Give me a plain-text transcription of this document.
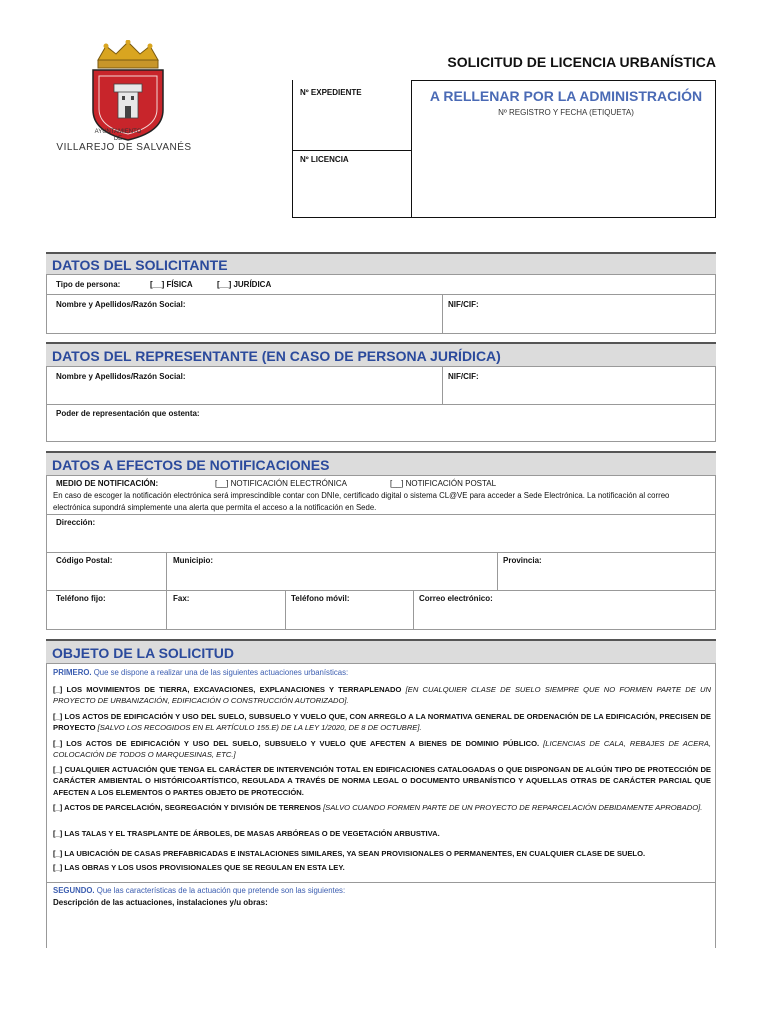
AYUNTAMIENTO
DE
VILLAREJO DE SALVANÉS
SOLICITUD DE LICENCIA URBANÍSTICA
Nº EXPEDIENTE
Nº LICENCIA
A RELLENAR POR LA ADMINISTRACIÓN
Nº REGISTRO Y FECHA (ETIQUETA)
DATOS DEL SOLICITANTE
Tipo de persona:	[__] FÍSICA	[__] JURÍDICA
Nombre y Apellidos/Razón Social:	NIF/CIF:
DATOS DEL REPRESENTANTE (EN CASO DE PERSONA JURÍDICA)
Nombre y Apellidos/Razón Social:	NIF/CIF:
Poder de representación que ostenta:
DATOS A EFECTOS DE NOTIFICACIONES
MEDIO DE NOTIFICACIÓN:	[__] NOTIFICACIÓN ELECTRÓNICA	[__] NOTIFICACIÓN POSTAL
En caso de escoger la notificación electrónica será imprescindible contar con DNIe, certificado digital o sistema CL@VE para acceder a Sede Electrónica. La notificación al correo electrónica supondrá simplemente una alerta que permita el acceso a la notificación en Sede.
Dirección:
Código Postal:	Municipio:	Provincia:
Teléfono fijo:	Fax:	Teléfono móvil:	Correo electrónico:
OBJETO DE LA SOLICITUD
PRIMERO. Que se dispone a realizar una de las siguientes actuaciones urbanísticas:
[_] LOS MOVIMIENTOS DE TIERRA, EXCAVACIONES, EXPLANACIONES Y TERRAPLENADO [EN CUALQUIER CLASE DE SUELO SIEMPRE QUE NO FORMEN PARTE DE UN PROYECTO DE URBANIZACIÓN, EDIFICACIÓN O CONSTRUCCIÓN AUTORIZADO].
[_] LOS ACTOS DE EDIFICACIÓN Y USO DEL SUELO, SUBSUELO Y VUELO QUE, CON ARREGLO A LA NORMATIVA GENERAL DE ORDENACIÓN DE LA EDIFICACIÓN, PRECISEN DE PROYECTO [SALVO LOS RECOGIDOS EN EL ARTÍCULO 155.E) DE LA LEY 1/2020, DE 8 DE OCTUBRE].
[_] LOS ACTOS DE EDIFICACIÓN Y USO DEL SUELO, SUBSUELO Y VUELO QUE AFECTEN A BIENES DE DOMINIO PÚBLICO. [LICENCIAS DE CALA, REBAJES DE ACERA, COLOCACIÓN DE TODOS O MARQUESINAS, ETC.]
[_] CUALQUIER ACTUACIÓN QUE TENGA EL CARÁCTER DE INTERVENCIÓN TOTAL EN EDIFICACIONES CATALOGADAS O QUE DISPONGAN DE ALGÚN TIPO DE PROTECCIÓN DE CARÁCTER AMBIENTAL O HISTÓRICOARTÍSTICO, REGULADA A TRAVÉS DE NORMA LEGAL O DOCUMENTO URBANÍSTICO Y AQUELLAS OTRAS DE CARÁCTER PARCIAL QUE AFECTEN A LOS ELEMENTOS O PARTES OBJETO DE PROTECCIÓN.
[_] ACTOS DE PARCELACIÓN, SEGREGACIÓN Y DIVISIÓN DE TERRENOS [SALVO CUANDO FORMEN PARTE DE UN PROYECTO DE REPARCELACIÓN DEBIDAMENTE APROBADO].
[_] LAS TALAS Y EL TRASPLANTE DE ÁRBOLES, DE MASAS ARBÓREAS O DE VEGETACIÓN ARBUSTIVA.
[_] LA UBICACIÓN DE CASAS PREFABRICADAS E INSTALACIONES SIMILARES, YA SEAN PROVISIONALES O PERMANENTES, EN CUALQUIER CLASE DE SUELO.
[_] LAS OBRAS Y LOS USOS PROVISIONALES QUE SE REGULAN EN ESTA LEY.
SEGUNDO. Que las características de la actuación que pretende son las siguientes:
Descripción de las actuaciones, instalaciones y/u obras:
